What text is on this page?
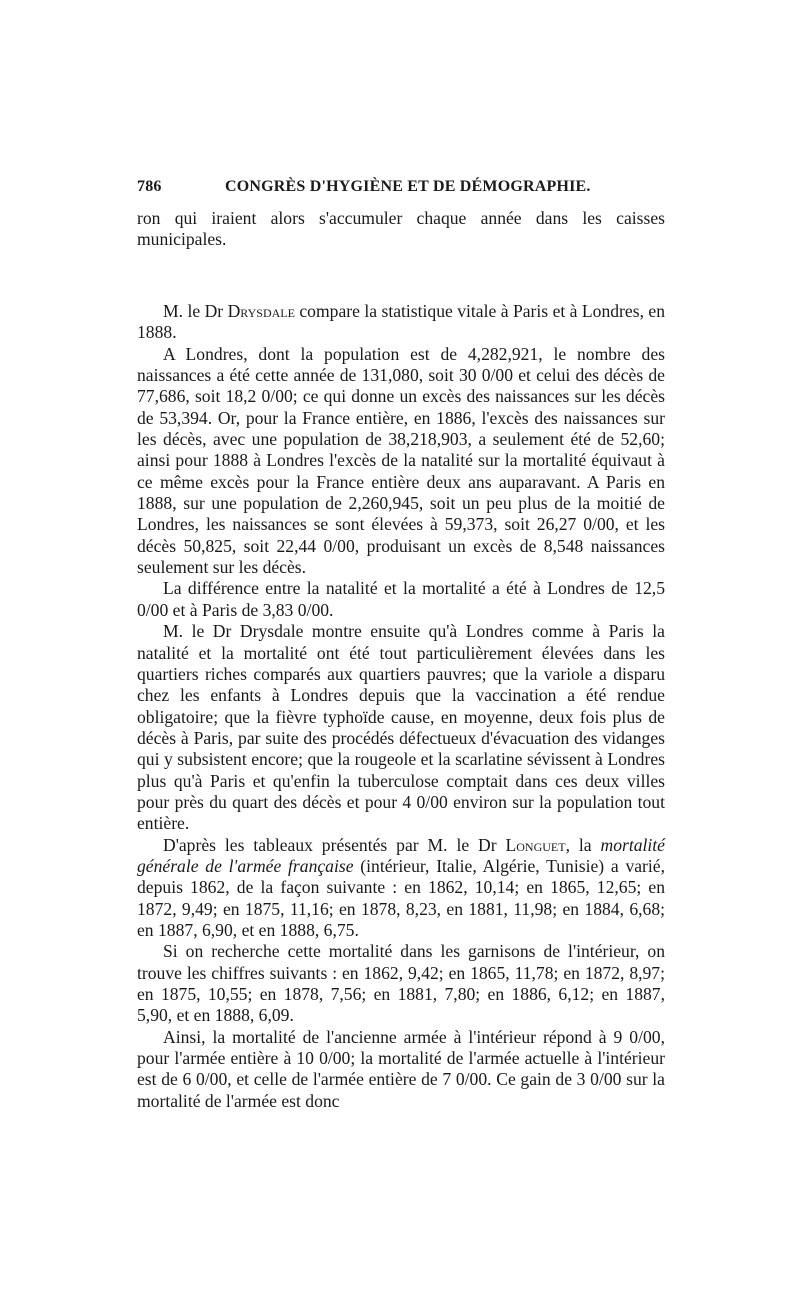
786	CONGRÈS D'HYGIÈNE ET DE DÉMOGRAPHIE.

ron qui iraient alors s'accumuler chaque année dans les caisses municipales.

M. le Dr Drysdale compare la statistique vitale à Paris et à Londres, en 1888.

A Londres, dont la population est de 4,282,921, le nombre des naissances a été cette année de 131,080, soit 30 0/00 et celui des décès de 77,686, soit 18,2 0/00; ce qui donne un excès des naissances sur les décès de 53,394. Or, pour la France entière, en 1886, l'excès des naissances sur les décès, avec une population de 38,218,903, a seulement été de 52,60; ainsi pour 1888 à Londres l'excès de la natalité sur la mortalité équivaut à ce même excès pour la France entière deux ans auparavant. A Paris en 1888, sur une population de 2,260,945, soit un peu plus de la moitié de Londres, les naissances se sont élevées à 59,373, soit 26,27 0/00, et les décès 50,825, soit 22,44 0/00, produisant un excès de 8,548 naissances seulement sur les décès.

La différence entre la natalité et la mortalité a été à Londres de 12,5 0/00 et à Paris de 3,83 0/00.

M. le Dr Drysdale montre ensuite qu'à Londres comme à Paris la natalité et la mortalité ont été tout particulièrement élevées dans les quartiers riches comparés aux quartiers pauvres; que la variole a disparu chez les enfants à Londres depuis que la vaccination a été rendue obligatoire; que la fièvre typhoïde cause, en moyenne, deux fois plus de décès à Paris, par suite des procédés défectueux d'évacuation des vidanges qui y subsistent encore; que la rougeole et la scarlatine sévissent à Londres plus qu'à Paris et qu'enfin la tuberculose comptait dans ces deux villes pour près du quart des décès et pour 4 0/00 environ sur la population tout entière.

D'après les tableaux présentés par M. le Dr Longuet, la mortalité générale de l'armée française (intérieur, Italie, Algérie, Tunisie) a varié, depuis 1862, de la façon suivante : en 1862, 10,14; en 1865, 12,65; en 1872, 9,49; en 1875, 11,16; en 1878, 8,23, en 1881, 11,98; en 1884, 6,68; en 1887, 6,90, et en 1888, 6,75.

Si on recherche cette mortalité dans les garnisons de l'intérieur, on trouve les chiffres suivants : en 1862, 9,42; en 1865, 11,78; en 1872, 8,97; en 1875, 10,55; en 1878, 7,56; en 1881, 7,80; en 1886, 6,12; en 1887, 5,90, et en 1888, 6,09.

Ainsi, la mortalité de l'ancienne armée à l'intérieur répond à 9 0/00, pour l'armée entière à 10 0/00; la mortalité de l'armée actuelle à l'intérieur est de 6 0/00, et celle de l'armée entière de 7 0/00. Ce gain de 3 0/00 sur la mortalité de l'armée est donc
